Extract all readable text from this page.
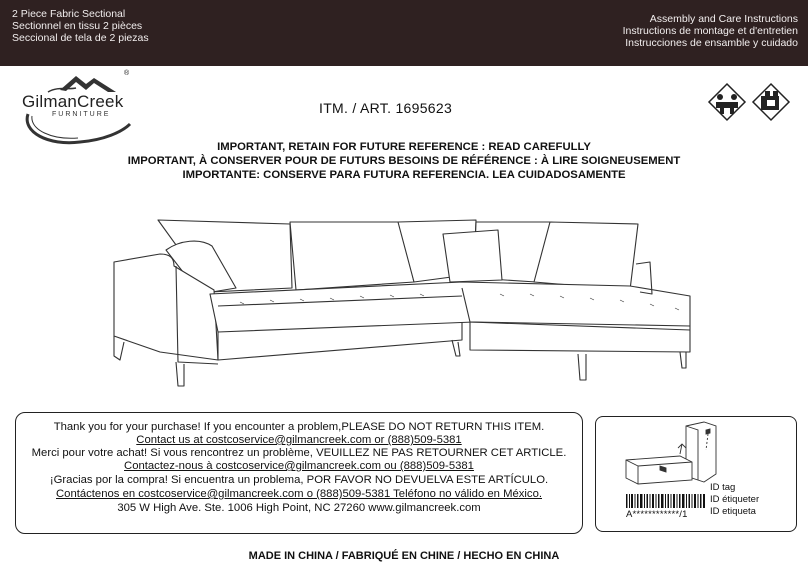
2 Piece Fabric Sectional
Sectionnel en tissu 2 pièces
Seccional de tela de 2 piezas
Assembly and Care Instructions
Instructions de montage et d'entretien
Instrucciones de ensamble y cuidado
GilmanCreek
®
FURNITURE	ITM. / ART. 1695623
IMPORTANT, RETAIN FOR FUTURE REFERENCE : READ CAREFULLY
IMPORTANT, À CONSERVER POUR DE FUTURS BESOINS DE RÉFÉRENCE : À LIRE SOIGNEUSEMENT
IMPORTANTE: CONSERVE PARA FUTURA REFERENCIA. LEA CUIDADOSAMENTE
Thank you for your purchase! If you encounter a problem,PLEASE DO NOT RETURN THIS ITEM.
Contact us at costcoservice@gilmancreek.com or (888)509-5381
Merci pour votre achat! Si vous rencontrez un problème, VEUILLEZ NE PAS RETOURNER CET ARTICLE.
Contactez-nous à costcoservice@gilmancreek.com ou (888)509-5381
¡Gracias por la compra! Si encuentra un problema, POR FAVOR NO DEVUELVA ESTE ARTÍCULO.
Contáctenos en costcoservice@gilmancreek.com o (888)509-5381 Teléfono no válido en México.
305 W High Ave. Ste. 1006 High Point, NC 27260 www.gilmancreek.com
ID tag
ID étiqueter
ID etiqueta
A************/1
MADE IN CHINA / FABRIQUÉ EN CHINE / HECHO EN CHINA
